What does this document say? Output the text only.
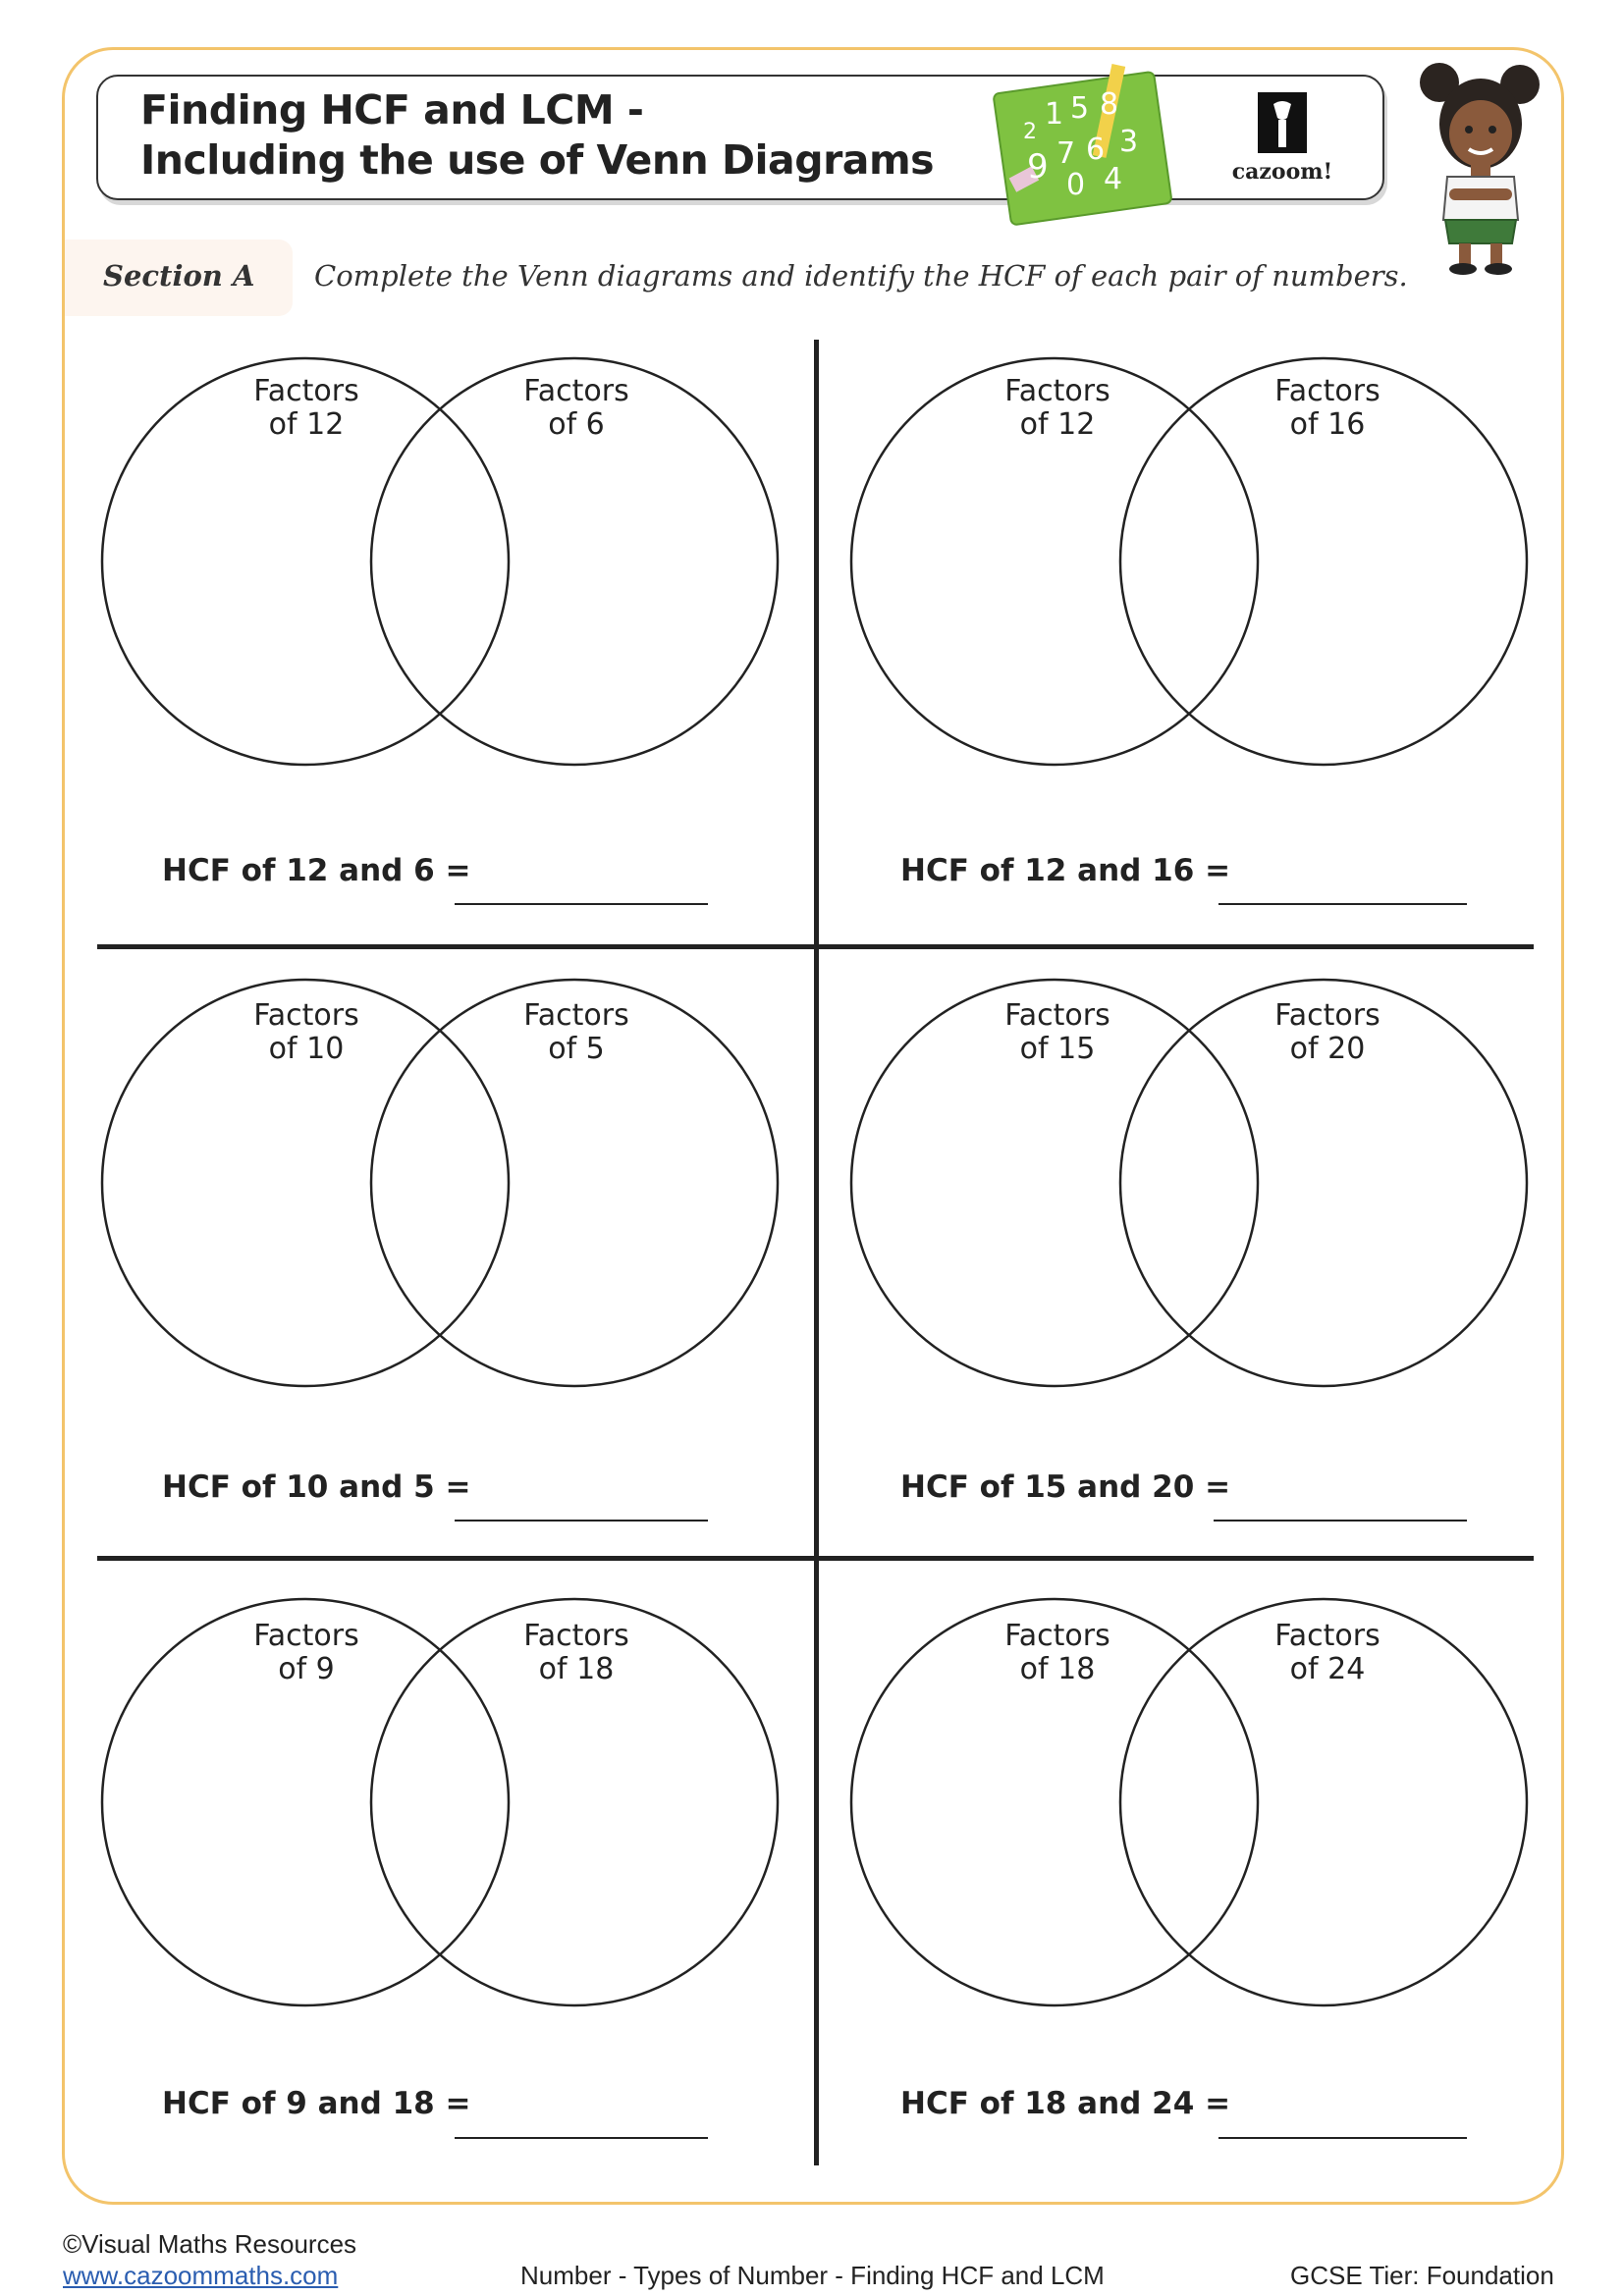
Finding HCF and LCM -
Including the use of Venn Diagrams
2
1 5 8
3
9 7 6
4
0	cazoom!
Section A Complete the Venn diagrams and identify the HCF of each pair of numbers.
Factors
of 12
Factors
of 6
HCF of 12 and 6 =
Factors
of 12
Factors
of 16
HCF of 12 and 16 =
Factors
of 10
Factors
of 5
HCF of 10 and 5 =
Factors
of 15
Factors
of 20
HCF of 15 and 20 =
Factors
of 9
Factors
of 18
HCF of 9 and 18 =
Factors
of 18
Factors
of 24
HCF of 18 and 24 =
©Visual Maths Resources
www.cazoommaths.com	Number - Types of Number - Finding HCF and LCM	GCSE Tier: Foundation
